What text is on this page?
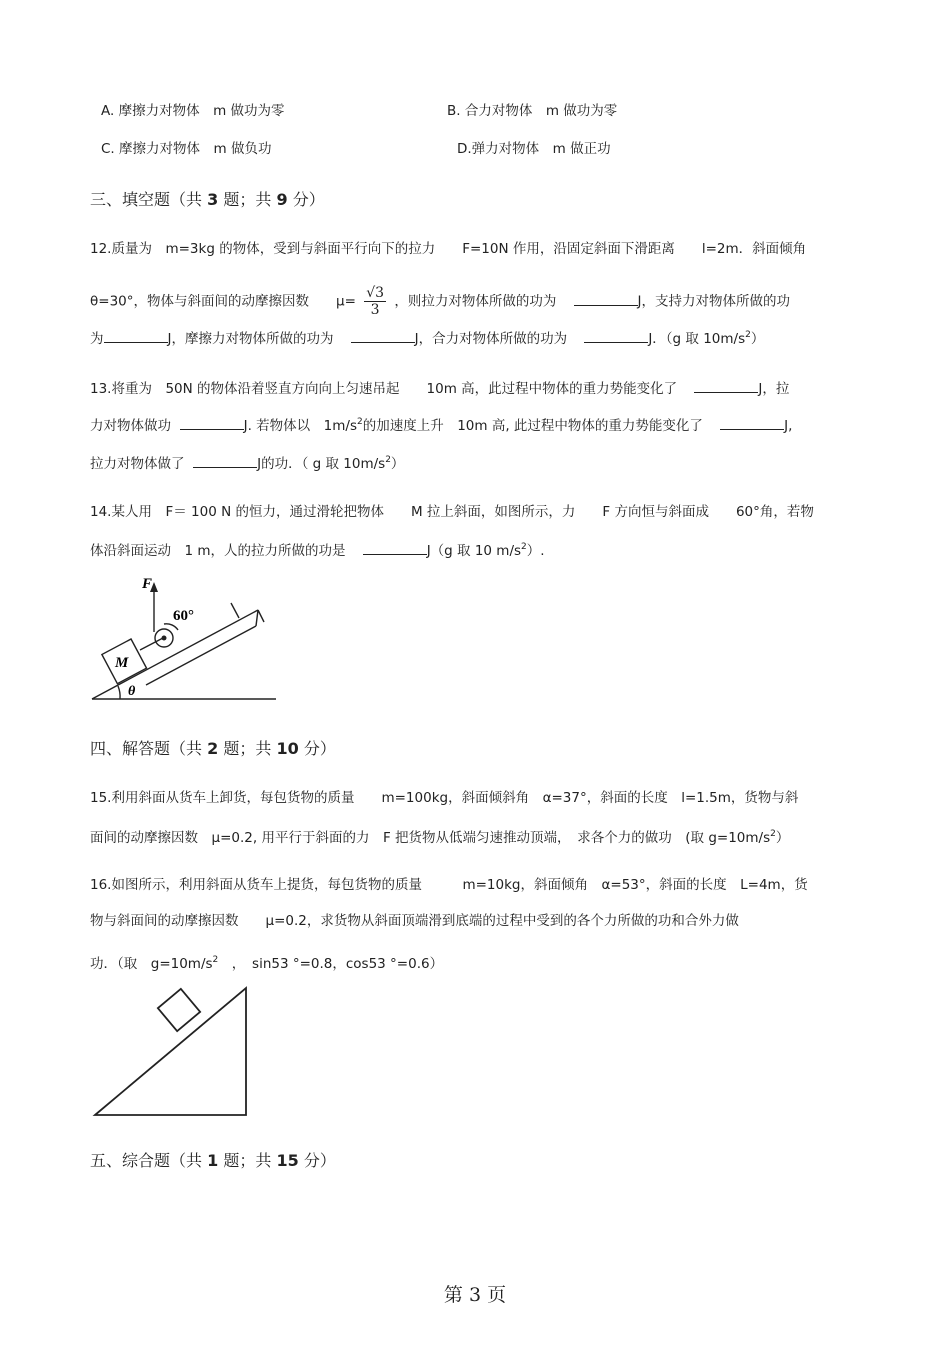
A. 摩擦力对物体　m 做功为零	B. 合力对物体　m 做功为零
C. 摩擦力对物体　m 做负功	D.弹力对物体　m 做正功
三、填空题（共 3 题；共 9 分）
12.质量为　m=3kg 的物体，受到与斜面平行向下的拉力　　F=10N 作用，沿固定斜面下滑距离　　l=2m．斜面倾角
θ=30°，物体与斜面间的动摩擦因数　　$\mu= \frac{√3}{3}$ ，则拉力对物体所做的功为	J，支持力对物体所做的功
为	J，摩擦力对物体所做的功为	J，合力对物体所做的功为	J．（g 取 $10m/s^2$）
13.将重为　50N 的物体沿着竖直方向向上匀速吊起　　10m 高，此过程中物体的重力势能变化了	J，拉
力对物体做功	J. 若物体以　$1m/s^2$的加速度上升　10m 高, 此过程中物体的重力势能变化了	J,
拉力对物体做了	J的功．（ g 取 $10m/s^2$）
14.某人用　F＝ 100 N 的恒力，通过滑轮把物体　　M 拉上斜面，如图所示，力　　F 方向恒与斜面成　　60°角，若物
体沿斜面运动　1 m，人的拉力所做的功是	J（g 取 10 $m/s^2$）.
F
60°
M
θ
四、解答题（共 2 题；共 10 分）
15.利用斜面从货车上卸货，每包货物的质量　　m=100kg，斜面倾斜角　α=37°，斜面的长度　l=1.5m，货物与斜
面间的动摩擦因数　μ=0.2, 用平行于斜面的力　F 把货物从低端匀速推动顶端，　求各个力的做功　(取 $g=10m/s^2$）
16.如图所示，利用斜面从货车上提货，每包货物的质量　　　m=10kg，斜面倾角　α=53°，斜面的长度　L=4m，货
物与斜面间的动摩擦因数　　μ=0.2，求货物从斜面顶端滑到底端的过程中受到的各个力所做的功和合外力做
功．（取　$g=10m/s^2$　，　sin53 °=0.8，cos53 °=0.6）
五、综合题（共 1 题；共 15 分）
第 3 页
